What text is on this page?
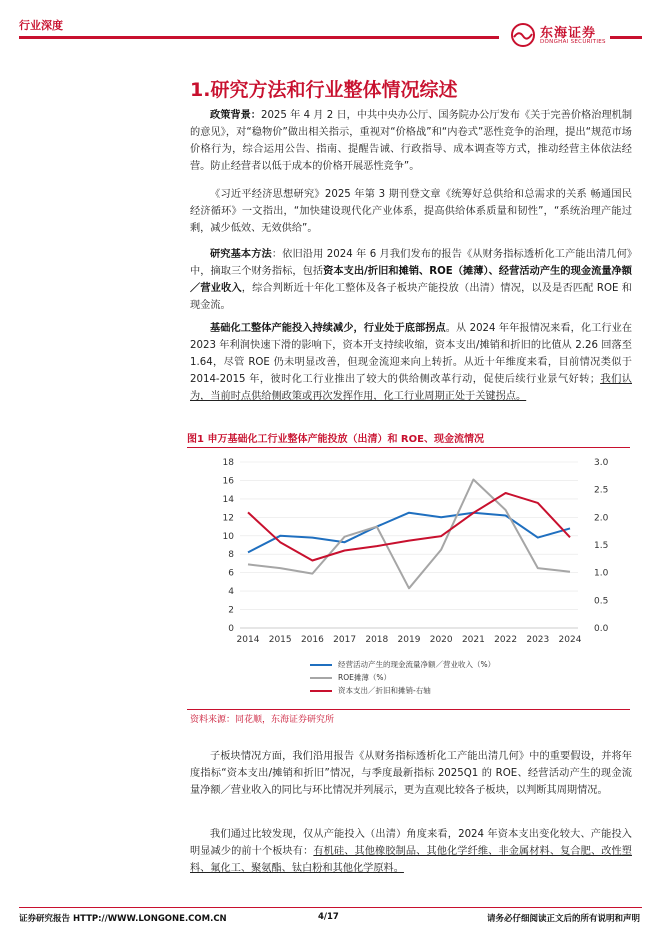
行业深度
东海证券
DONGHAI SECURITIES
1.研究方法和行业整体情况综述
政策背景：2025 年 4 月 2 日，中共中央办公厅、国务院办公厅发布《关于完善价格治理机制的意见》，对“稳物价”做出相关指示，重视对“价格战”和“内卷式”恶性竞争的治理，提出“规范市场价格行为，综合运用公告、指南、提醒告诫、行政指导、成本调查等方式，推动经营主体依法经营。防止经营者以低于成本的价格开展恶性竞争”。
《习近平经济思想研究》2025 年第 3 期刊登文章《统筹好总供给和总需求的关系 畅通国民经济循环》一文指出，“加快建设现代化产业体系，提高供给体系质量和韧性”，“系统治理产能过剩，减少低效、无效供给”。
研究基本方法：依旧沿用 2024 年 6 月我们发布的报告《从财务指标透析化工产能出清几何》中，摘取三个财务指标，包括资本支出/折旧和摊销、ROE（摊薄）、经营活动产生的现金流量净额／营业收入，综合判断近十年化工整体及各子板块产能投放（出清）情况，以及是否匹配 ROE 和现金流。
基础化工整体产能投入持续减少，行业处于底部拐点。从 2024 年年报情况来看，化工行业在 2023 年利润快速下滑的影响下，资本开支持续收缩，资本支出/摊销和折旧的比值从 2.26 回落至 1.64，尽管 ROE 仍未明显改善，但现金流迎来向上转折。从近十年维度来看，目前情况类似于 2014-2015 年，彼时化工行业推出了较大的供给侧改革行动，促使后续行业景气好转；我们认为，当前时点供给侧政策或再次发挥作用，化工行业周期正处于关键拐点。
图1 申万基础化工行业整体产能投放（出清）和 ROE、现金流情况
0
2
4
6
8
10
12
14
16
18
0.0
0.5
1.0
1.5
2.0
2.5
3.0
2014 2015 2016 2017 2018 2019 2020 2021 2022 2023 2024
经营活动产生的现金流量净额／营业收入（%）
ROE摊薄（%）
资本支出／折旧和摊销-右轴
资料来源：同花顺，东海证券研究所
子板块情况方面，我们沿用报告《从财务指标透析化工产能出清几何》中的重要假设，并将年度指标“资本支出/摊销和折旧”情况，与季度最新指标 2025Q1 的 ROE、经营活动产生的现金流量净额／营业收入的同比与环比情况并列展示，更为直观比较各子板块，以判断其周期情况。
我们通过比较发现，仅从产能投入（出清）角度来看，2024 年资本支出变化较大、产能投入明显减少的前十个板块有：有机硅、其他橡胶制品、其他化学纤维、非金属材料、复合肥、改性塑料、氟化工、聚氨酯、钛白粉和其他化学原料。
证券研究报告 HTTP://WWW.LONGONE.COM.CN	4/17	请务必仔细阅读正文后的所有说明和声明
